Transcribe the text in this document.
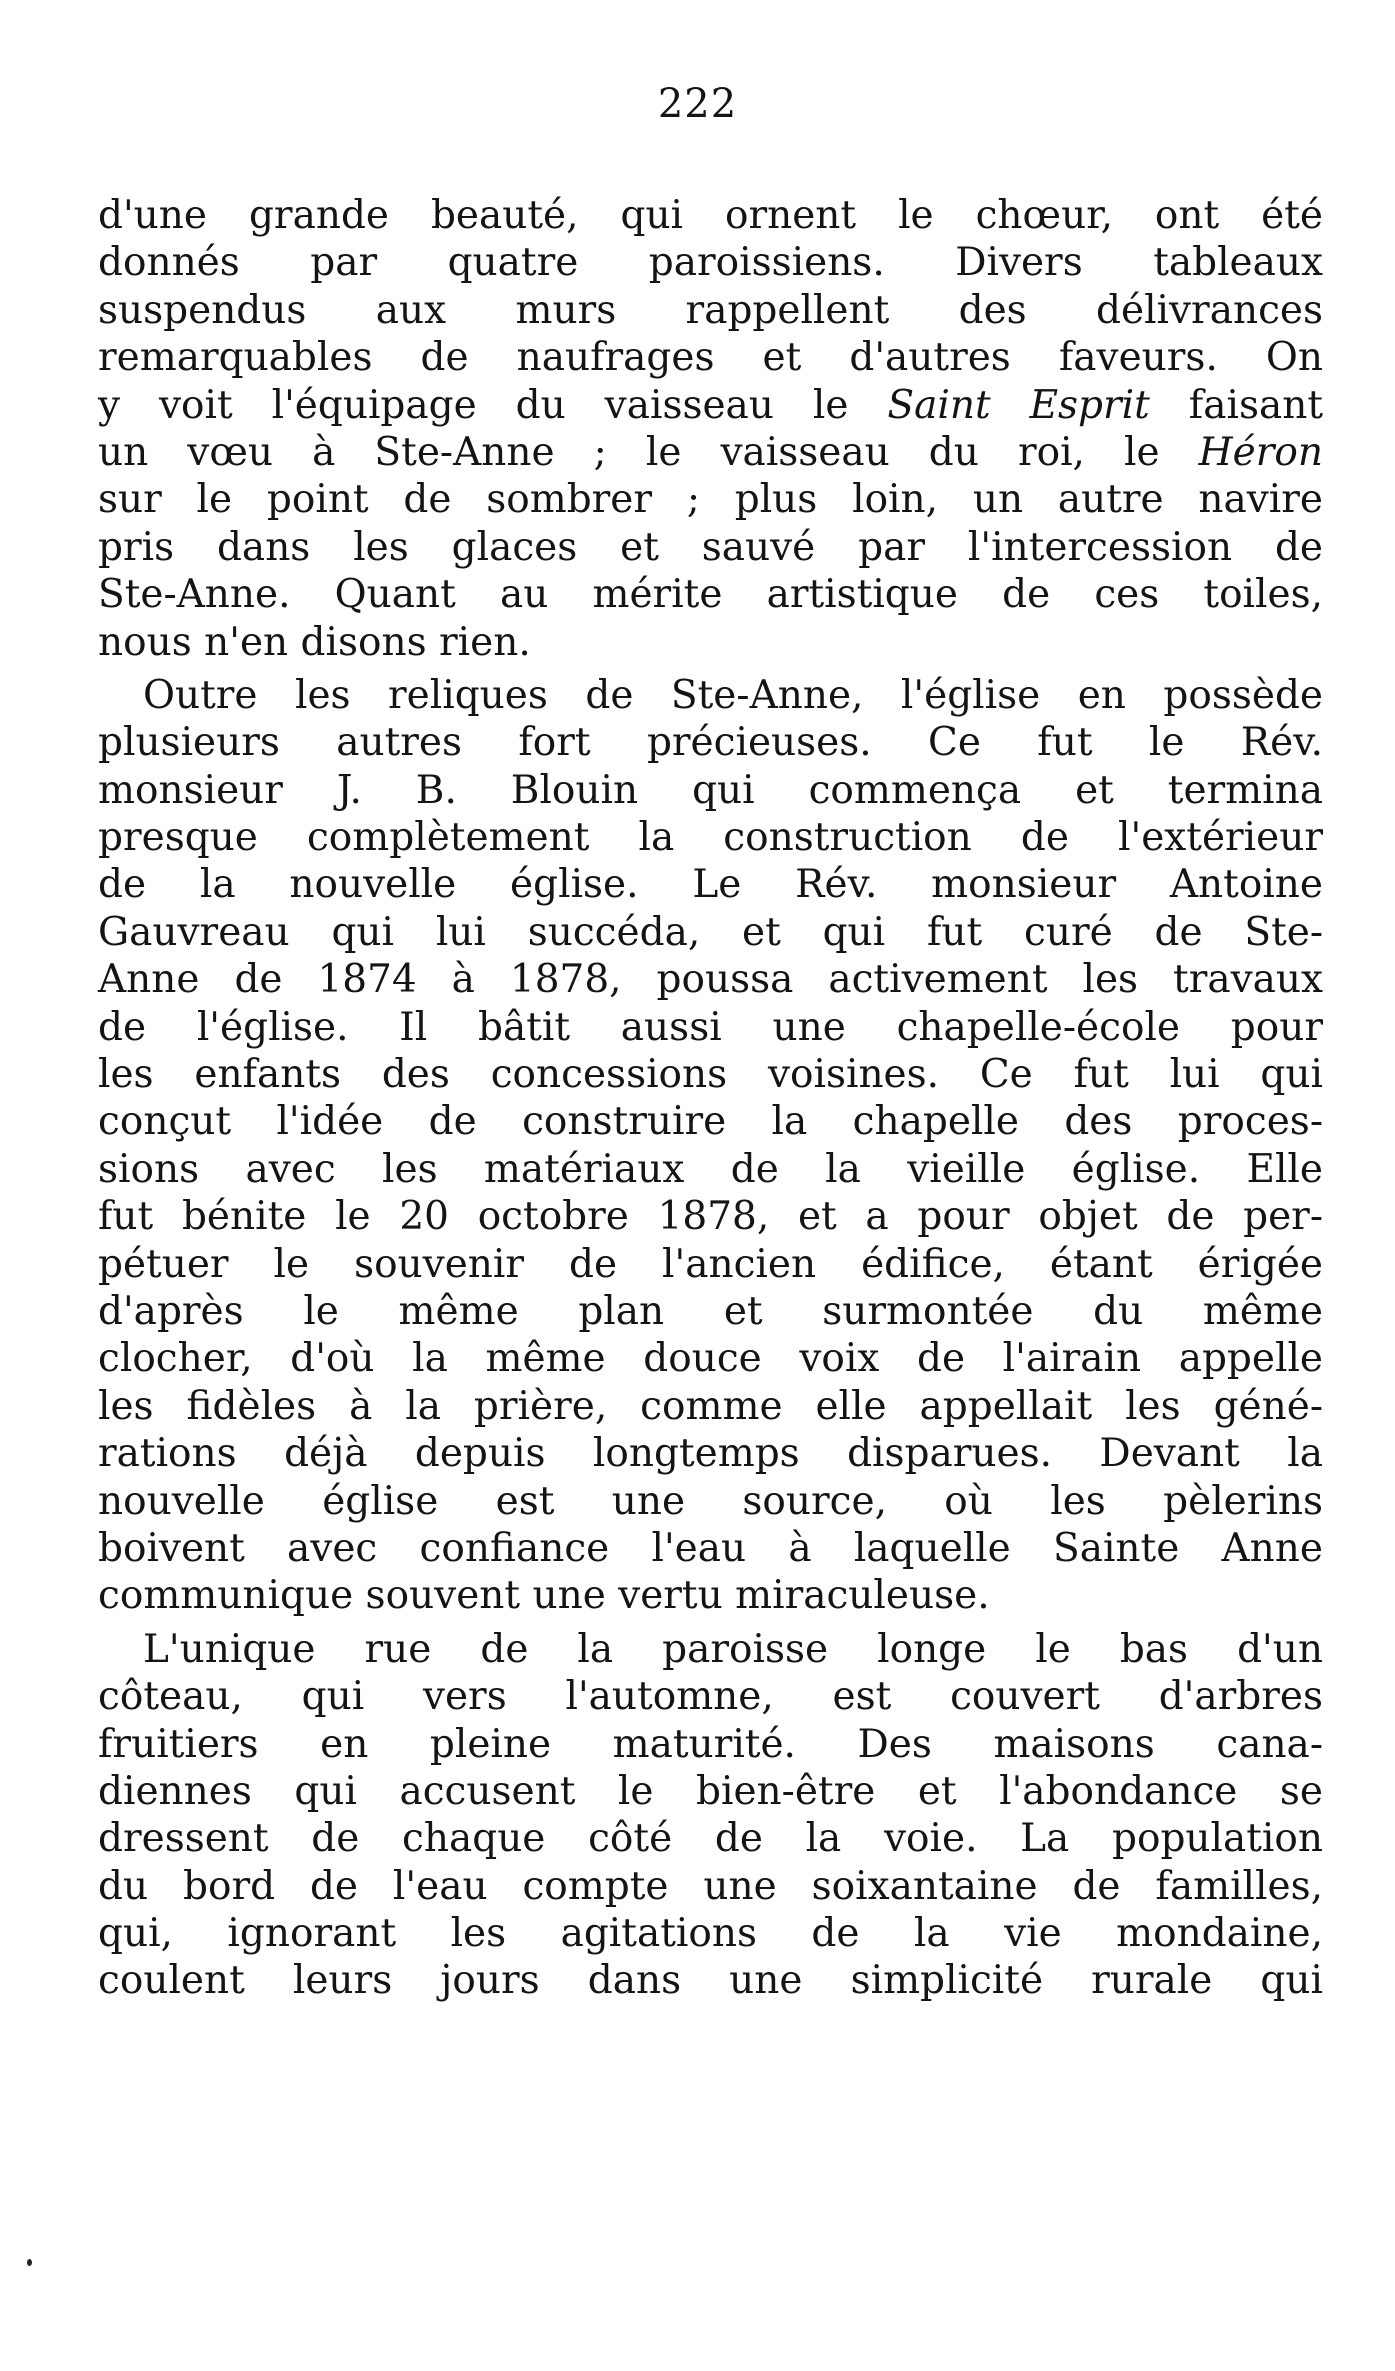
222
d'une grande beauté, qui ornent le chœur, ont été
donnés par quatre paroissiens. Divers tableaux
suspendus aux murs rappellent des délivrances
remarquables de naufrages et d'autres faveurs. On
y voit l'équipage du vaisseau le Saint Esprit faisant
un vœu à Ste-Anne ; le vaisseau du roi, le Héron
sur le point de sombrer ; plus loin, un autre navire
pris dans les glaces et sauvé par l'intercession de
Ste-Anne. Quant au mérite artistique de ces toiles,
nous n'en disons rien.
Outre les reliques de Ste-Anne, l'église en possède
plusieurs autres fort précieuses. Ce fut le Rév.
monsieur J. B. Blouin qui commença et termina
presque complètement la construction de l'extérieur
de la nouvelle église. Le Rév. monsieur Antoine
Gauvreau qui lui succéda, et qui fut curé de Ste-
Anne de 1874 à 1878, poussa activement les travaux
de l'église. Il bâtit aussi une chapelle-école pour
les enfants des concessions voisines. Ce fut lui qui
conçut l'idée de construire la chapelle des proces-
sions avec les matériaux de la vieille église. Elle
fut bénite le 20 octobre 1878, et a pour objet de per-
pétuer le souvenir de l'ancien édifice, étant érigée
d'après le même plan et surmontée du même
clocher, d'où la même douce voix de l'airain appelle
les fidèles à la prière, comme elle appellait les géné-
rations déjà depuis longtemps disparues. Devant la
nouvelle église est une source, où les pèlerins
boivent avec confiance l'eau à laquelle Sainte Anne
communique souvent une vertu miraculeuse.
L'unique rue de la paroisse longe le bas d'un
côteau, qui vers l'automne, est couvert d'arbres
fruitiers en pleine maturité. Des maisons cana-
diennes qui accusent le bien-être et l'abondance se
dressent de chaque côté de la voie. La population
du bord de l'eau compte une soixantaine de familles,
qui, ignorant les agitations de la vie mondaine,
coulent leurs jours dans une simplicité rurale qui
